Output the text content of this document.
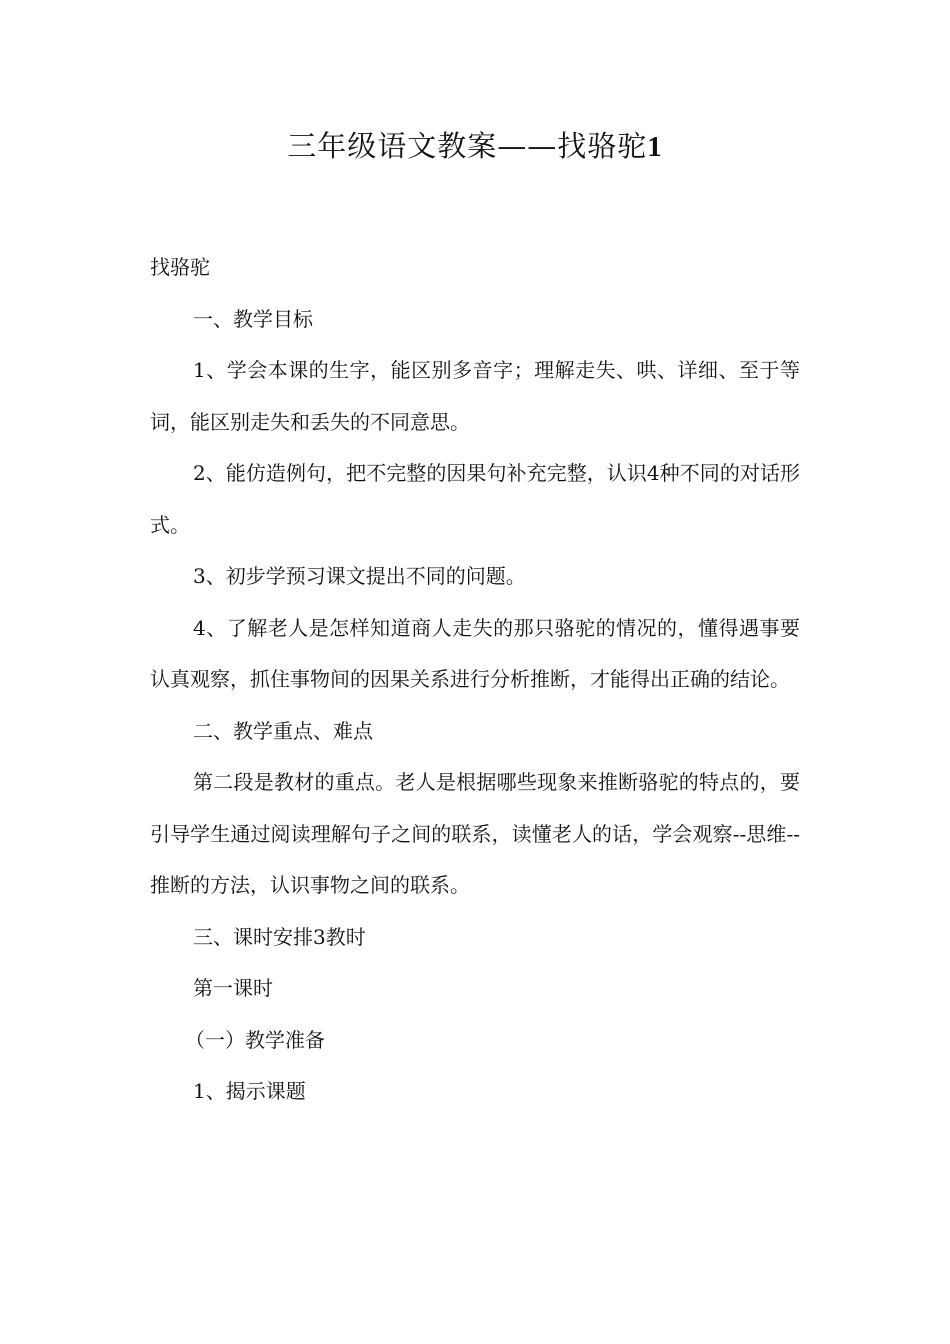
三年级语文教案——找骆驼1

找骆驼

一、教学目标

1、学会本课的生字，能区别多音字；理解走失、哄、详细、至于等词，能区别走失和丢失的不同意思。

2、能仿造例句，把不完整的因果句补充完整，认识4种不同的对话形式。

3、初步学预习课文提出不同的问题。

4、了解老人是怎样知道商人走失的那只骆驼的情况的，懂得遇事要认真观察，抓住事物间的因果关系进行分析推断，才能得出正确的结论。

二、教学重点、难点

第二段是教材的重点。老人是根据哪些现象来推断骆驼的特点的，要引导学生通过阅读理解句子之间的联系，读懂老人的话，学会观察--思维--推断的方法，认识事物之间的联系。

三、课时安排3教时

第一课时

（一）教学准备

1、揭示课题
